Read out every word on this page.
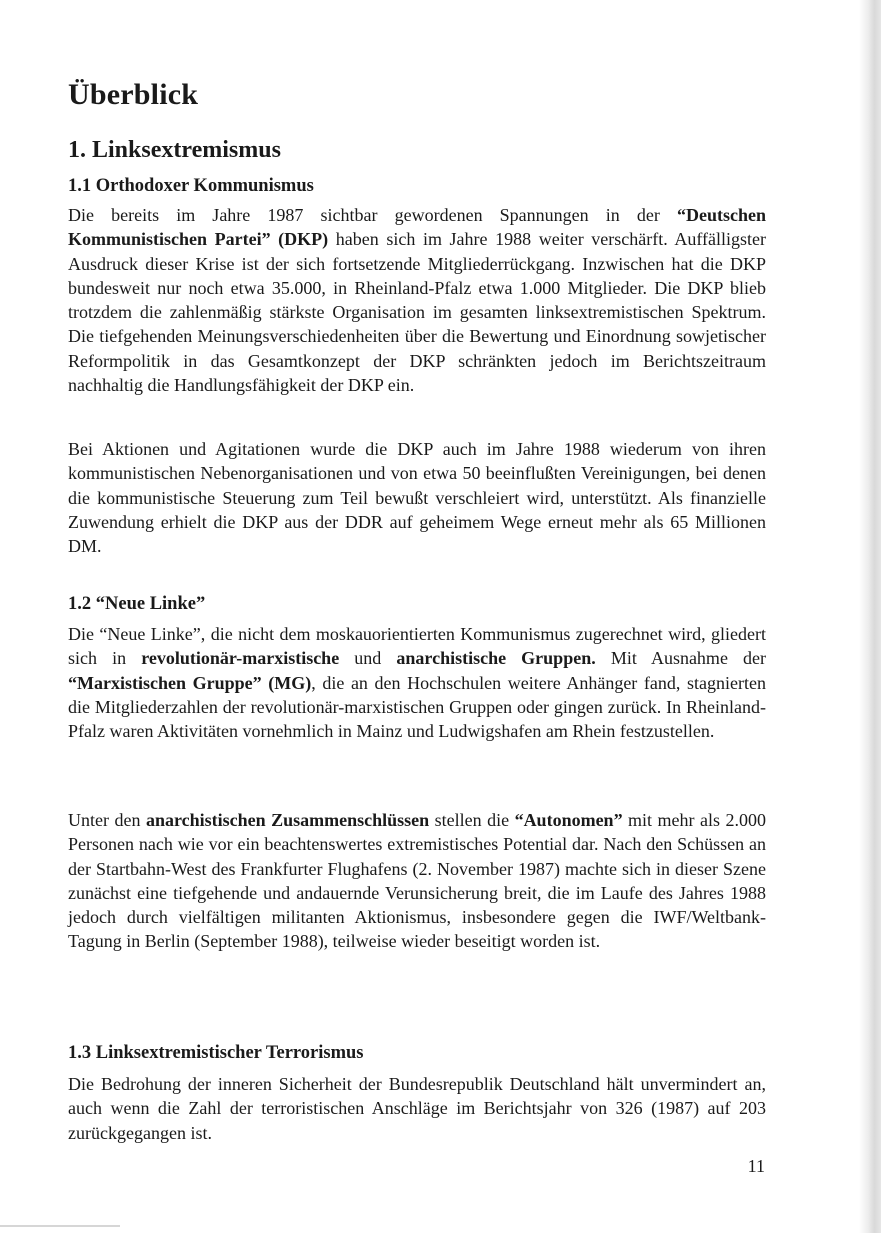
Überblick
1. Linksextremismus
1.1 Orthodoxer Kommunismus

Die bereits im Jahre 1987 sichtbar gewordenen Spannungen in der “Deutschen Kommunistischen Partei” (DKP) haben sich im Jahre 1988 weiter verschärft. Auffälligster Ausdruck dieser Krise ist der sich fortsetzende Mitgliederrückgang. Inzwischen hat die DKP bundesweit nur noch etwa 35.000, in Rheinland-Pfalz etwa 1.000 Mitglieder. Die DKP blieb trotzdem die zahlenmäßig stärkste Organisation im gesamten linksextremistischen Spektrum. Die tiefgehenden Meinungsverschiedenheiten über die Bewertung und Einordnung sowjetischer Reformpolitik in das Gesamtkonzept der DKP schränkten jedoch im Berichtszeitraum nachhaltig die Handlungsfähigkeit der DKP ein.

Bei Aktionen und Agitationen wurde die DKP auch im Jahre 1988 wiederum von ihren kommunistischen Nebenorganisationen und von etwa 50 beeinflußten Vereinigungen, bei denen die kommunistische Steuerung zum Teil bewußt verschleiert wird, unterstützt. Als finanzielle Zuwendung erhielt die DKP aus der DDR auf geheimem Wege erneut mehr als 65 Millionen DM.

1.2 “Neue Linke”

Die “Neue Linke”, die nicht dem moskauorientierten Kommunismus zugerechnet wird, gliedert sich in revolutionär-marxistische und anarchistische Gruppen. Mit Ausnahme der “Marxistischen Gruppe” (MG), die an den Hochschulen weitere Anhänger fand, stagnierten die Mitgliederzahlen der revolutionär-marxistischen Gruppen oder gingen zurück. In Rheinland-Pfalz waren Aktivitäten vornehmlich in Mainz und Ludwigshafen am Rhein festzustellen.

Unter den anarchistischen Zusammenschlüssen stellen die “Autonomen” mit mehr als 2.000 Personen nach wie vor ein beachtenswertes extremistisches Potential dar. Nach den Schüssen an der Startbahn-West des Frankfurter Flughafens (2. November 1987) machte sich in dieser Szene zunächst eine tiefgehende und andauernde Verunsicherung breit, die im Laufe des Jahres 1988 jedoch durch vielfältigen militanten Aktionismus, insbesondere gegen die IWF/Weltbank-Tagung in Berlin (September 1988), teilweise wieder beseitigt worden ist.

1.3 Linksextremistischer Terrorismus

Die Bedrohung der inneren Sicherheit der Bundesrepublik Deutschland hält unvermindert an, auch wenn die Zahl der terroristischen Anschläge im Berichtsjahr von 326 (1987) auf 203 zurückgegangen ist.

11
